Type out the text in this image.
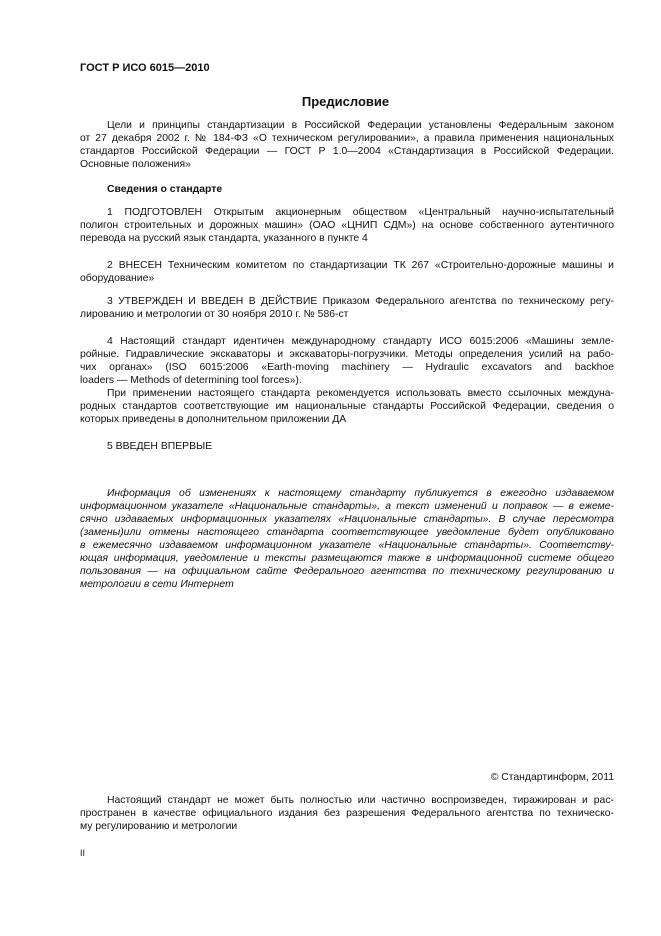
ГОСТ Р ИСО 6015—2010
Предисловие
Цели и принципы стандартизации в Российской Федерации установлены Федеральным законом
от 27 декабря 2002 г. № 184-ФЗ «О техническом регулировании», а правила применения национальных
стандартов Российской Федерации — ГОСТ Р 1.0—2004 «Стандартизация в Российской Федерации.
Основные положения»
Сведения о стандарте
1 ПОДГОТОВЛЕН Открытым акционерным обществом «Центральный научно-испытательный
полигон строительных и дорожных машин» (ОАО «ЦНИП СДМ») на основе собственного аутентичного
перевода на русский язык стандарта, указанного в пункте 4
2 ВНЕСЕН Техническим комитетом по стандартизации ТК 267 «Строительно-дорожные машины и
оборудование»
3 УТВЕРЖДЕН И ВВЕДЕН В ДЕЙСТВИЕ Приказом Федерального агентства по техническому регу-
лированию и метрологии от 30 ноября 2010 г. № 586-ст
4 Настоящий стандарт идентичен международному стандарту ИСО 6015:2006 «Машины земле-
ройные. Гидравлические экскаваторы и экскаваторы-погрузчики. Методы определения усилий на рабо-
чих органах» (ISO 6015:2006 «Earth-moving machinery — Hydraulic excavators and backhoe
loaders — Methods of determining tool forces»).
При применении настоящего стандарта рекомендуется использовать вместо ссылочных междуна-
родных стандартов соответствующие им национальные стандарты Российской Федерации, сведения о
которых приведены в дополнительном приложении ДА
5 ВВЕДЕН ВПЕРВЫЕ
Информация об изменениях к настоящему стандарту публикуется в ежегодно издаваемом
информационном указателе «Национальные стандарты», а текст изменений и поправок — в ежеме-
сячно издаваемых информационных указателях «Национальные стандарты». В случае пересмотра
(замены)или отмены настоящего стандарта соответствующее уведомление будет опубликовано
в ежемесячно издаваемом информационном указателе «Национальные стандарты». Соответству-
ющая информация, уведомление и тексты размещаются также в информационной системе общего
пользования — на официальном сайте Федерального агентства по техническому регулированию и
метрологии в сети Интернет
© Стандартинформ, 2011
Настоящий стандарт не может быть полностью или частично воспроизведен, тиражирован и рас-
пространен в качестве официального издания без разрешения Федерального агентства по техническо-
му регулированию и метрологии
II
